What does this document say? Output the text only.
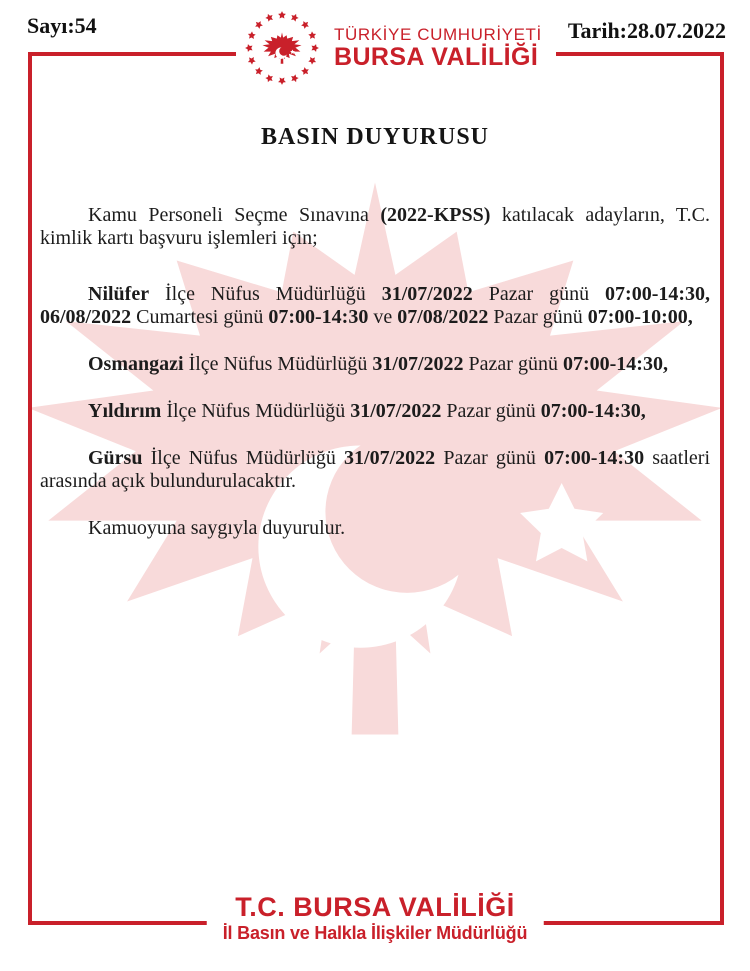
Sayı:54	Tarih:28.07.2022
TÜRKİYE CUMHURİYETİ
BURSA VALİLİĞİ
BASIN DUYURUSU

Kamu Personeli Seçme Sınavına (2022-KPSS) katılacak adayların, T.C. kimlik kartı başvuru işlemleri için;

Nilüfer İlçe Nüfus Müdürlüğü 31/07/2022 Pazar günü 07:00-14:30, 06/08/2022 Cumartesi günü 07:00-14:30 ve 07/08/2022 Pazar günü 07:00-10:00,

Osmangazi İlçe Nüfus Müdürlüğü 31/07/2022 Pazar günü 07:00-14:30,

Yıldırım İlçe Nüfus Müdürlüğü 31/07/2022 Pazar günü 07:00-14:30,

Gürsu İlçe Nüfus Müdürlüğü 31/07/2022 Pazar günü 07:00-14:30 saatleri arasında açık bulundurulacaktır.

Kamuoyuna saygıyla duyurulur.

T.C. BURSA VALİLİĞİ
İl Basın ve Halkla İlişkiler Müdürlüğü
